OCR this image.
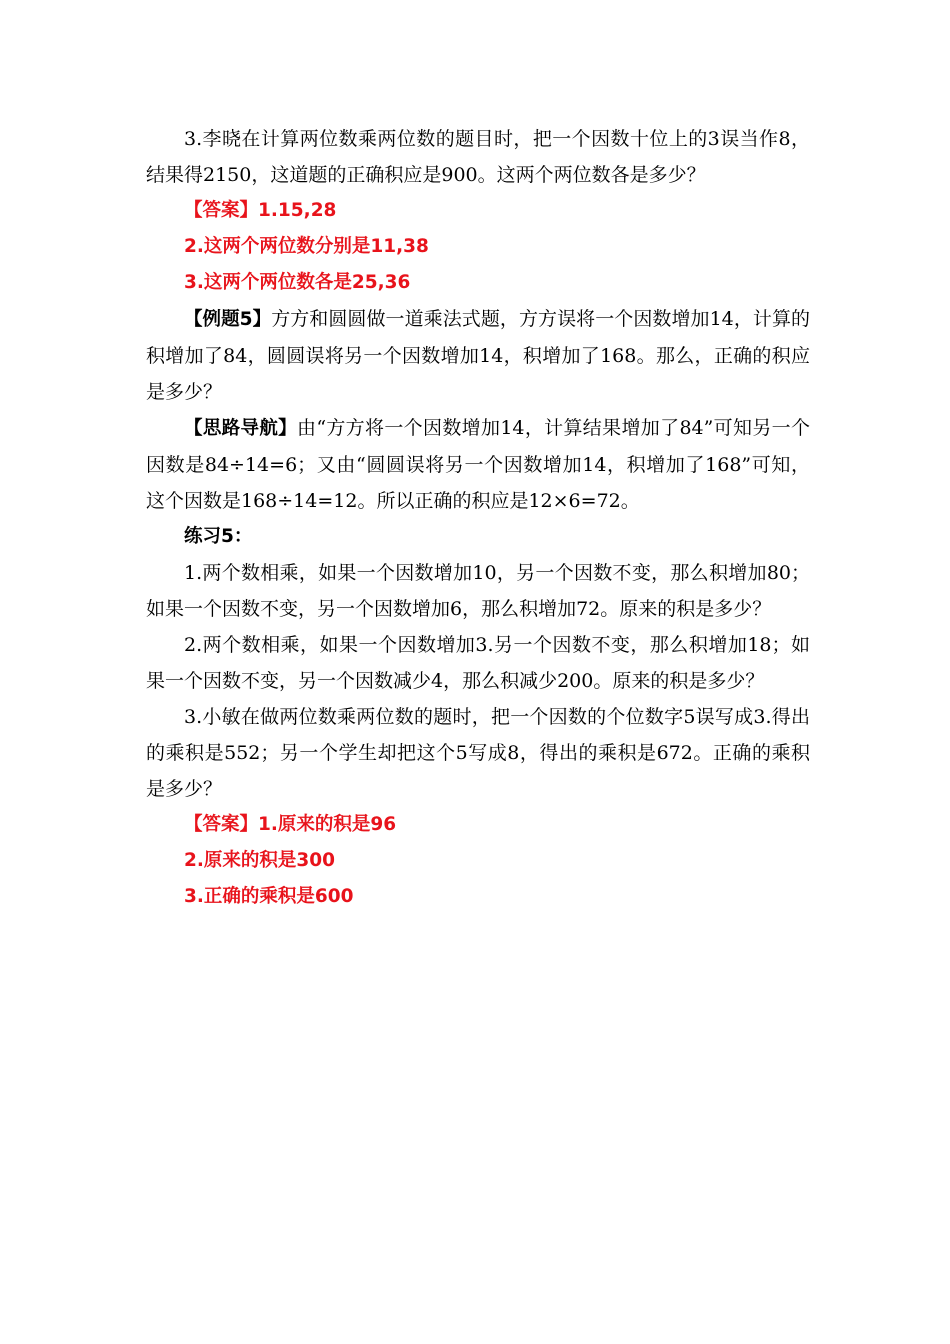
3.李晓在计算两位数乘两位数的题目时，把一个因数十位上的3误当作8，结果得2150，这道题的正确积应是900。这两个两位数各是多少？

【答案】1.15,28

2.这两个两位数分别是11,38

3.这两个两位数各是25,36

【例题5】方方和圆圆做一道乘法式题，方方误将一个因数增加14，计算的积增加了84，圆圆误将另一个因数增加14，积增加了168。那么，正确的积应是多少？

【思路导航】由“方方将一个因数增加14，计算结果增加了84”可知另一个因数是84÷14=6；又由“圆圆误将另一个因数增加14，积增加了168”可知，这个因数是168÷14=12。所以正确的积应是12×6=72。

练习5：

1.两个数相乘，如果一个因数增加10，另一个因数不变，那么积增加80；如果一个因数不变，另一个因数增加6，那么积增加72。原来的积是多少？

2.两个数相乘，如果一个因数增加3.另一个因数不变，那么积增加18；如果一个因数不变，另一个因数减少4，那么积减少200。原来的积是多少？

3.小敏在做两位数乘两位数的题时，把一个因数的个位数字5误写成3.得出的乘积是552；另一个学生却把这个5写成8，得出的乘积是672。正确的乘积是多少？

【答案】1.原来的积是96

2.原来的积是300

3.正确的乘积是600
